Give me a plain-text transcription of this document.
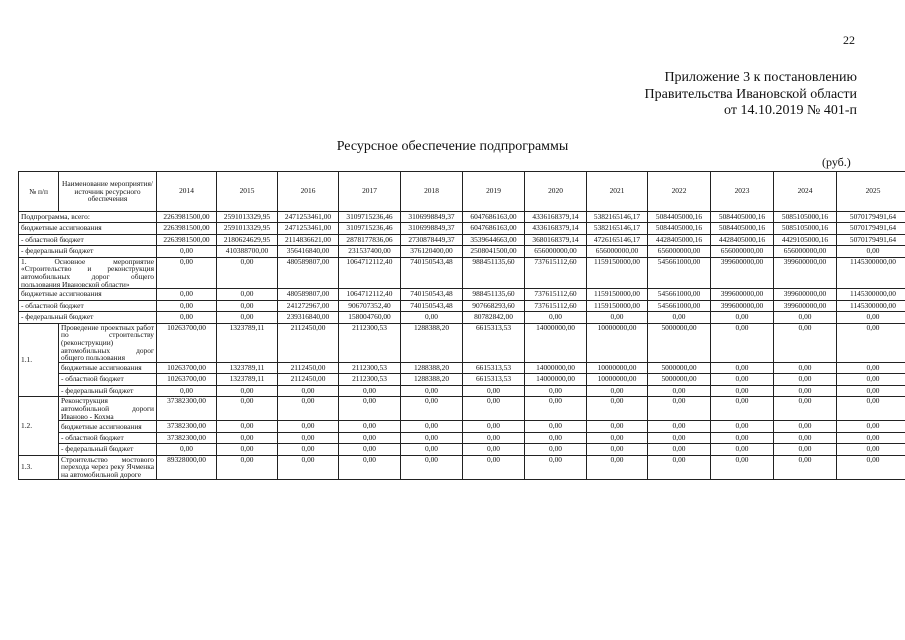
22
Приложение 3 к постановлению
Правительства Ивановской области
от 14.10.2019 № 401-п
Ресурсное обеспечение подпрограммы
(руб.)
№ п/п	Наименование мероприятия/источник ресурсного обеспечения	2014	2015	2016	2017	2018	2019	2020	2021	2022	2023	2024	2025
Подпрограмма, всего:		2263981500,00	2591013329,95	2471253461,00	3109715236,46	3106998849,37	6047686163,00	4336168379,14	5382165146,17	5084405000,16	5084405000,16	5085105000,16	5070179491,64
бюджетные ассигнования		2263981500,00	2591013329,95	2471253461,00	3109715236,46	3106998849,37	6047686163,00	4336168379,14	5382165146,17	5084405000,16	5084405000,16	5085105000,16	5070179491,64
- областной бюджет		2263981500,00	2180624629,95	2114836621,00	2878177836,06	2730878449,37	3539644663,00	3680168379,14	4726165146,17	4428405000,16	4428405000,16	4429105000,16	5070179491,64
- федеральный бюджет		0,00	410388700,00	356416840,00	231537400,00	376120400,00	2508041500,00	656000000,00	656000000,00	656000000,00	656000000,00	656000000,00	0,00
1. Основное мероприятие «Строительство и реконструкция автомобильных дорог общего пользования Ивановской области»		0,00	0,00	480589807,00	1064712112,40	740150543,48	988451135,60	737615112,60	1159150000,00	545661000,00	399600000,00	399600000,00	1145300000,00
бюджетные ассигнования		0,00	0,00	480589807,00	1064712112,40	740150543,48	988451135,60	737615112,60	1159150000,00	545661000,00	399600000,00	399600000,00	1145300000,00
- областной бюджет		0,00	0,00	241272967,00	906707352,40	740150543,48	907668293,60	737615112,60	1159150000,00	545661000,00	399600000,00	399600000,00	1145300000,00
- федеральный бюджет		0,00	0,00	239316840,00	158004760,00	0,00	80782842,00	0,00	0,00	0,00	0,00	0,00	0,00
1.1.	Проведение проектных работ по строительству (реконструкции) автомобильных дорог общего пользования	10263700,00	1323789,11	2112450,00	2112300,53	1288388,20	6615313,53	14000000,00	10000000,00	5000000,00	0,00	0,00	0,00
	бюджетные ассигнования	10263700,00	1323789,11	2112450,00	2112300,53	1288388,20	6615313,53	14000000,00	10000000,00	5000000,00	0,00	0,00	0,00
	- областной бюджет	10263700,00	1323789,11	2112450,00	2112300,53	1288388,20	6615313,53	14000000,00	10000000,00	5000000,00	0,00	0,00	0,00
	- федеральный бюджет	0,00	0,00	0,00	0,00	0,00	0,00	0,00	0,00	0,00	0,00	0,00	0,00
1.2.	Реконструкция автомобильной дороги Иваново - Кохма	37382300,00	0,00	0,00	0,00	0,00	0,00	0,00	0,00	0,00	0,00	0,00	0,00
	бюджетные ассигнования	37382300,00	0,00	0,00	0,00	0,00	0,00	0,00	0,00	0,00	0,00	0,00	0,00
	- областной бюджет	37382300,00	0,00	0,00	0,00	0,00	0,00	0,00	0,00	0,00	0,00	0,00	0,00
	- федеральный бюджет	0,00	0,00	0,00	0,00	0,00	0,00	0,00	0,00	0,00	0,00	0,00	0,00
1.3.	Строительство мостового перехода через реку Ячменка на автомобильной дороге	89328000,00	0,00	0,00	0,00	0,00	0,00	0,00	0,00	0,00	0,00	0,00	0,00
